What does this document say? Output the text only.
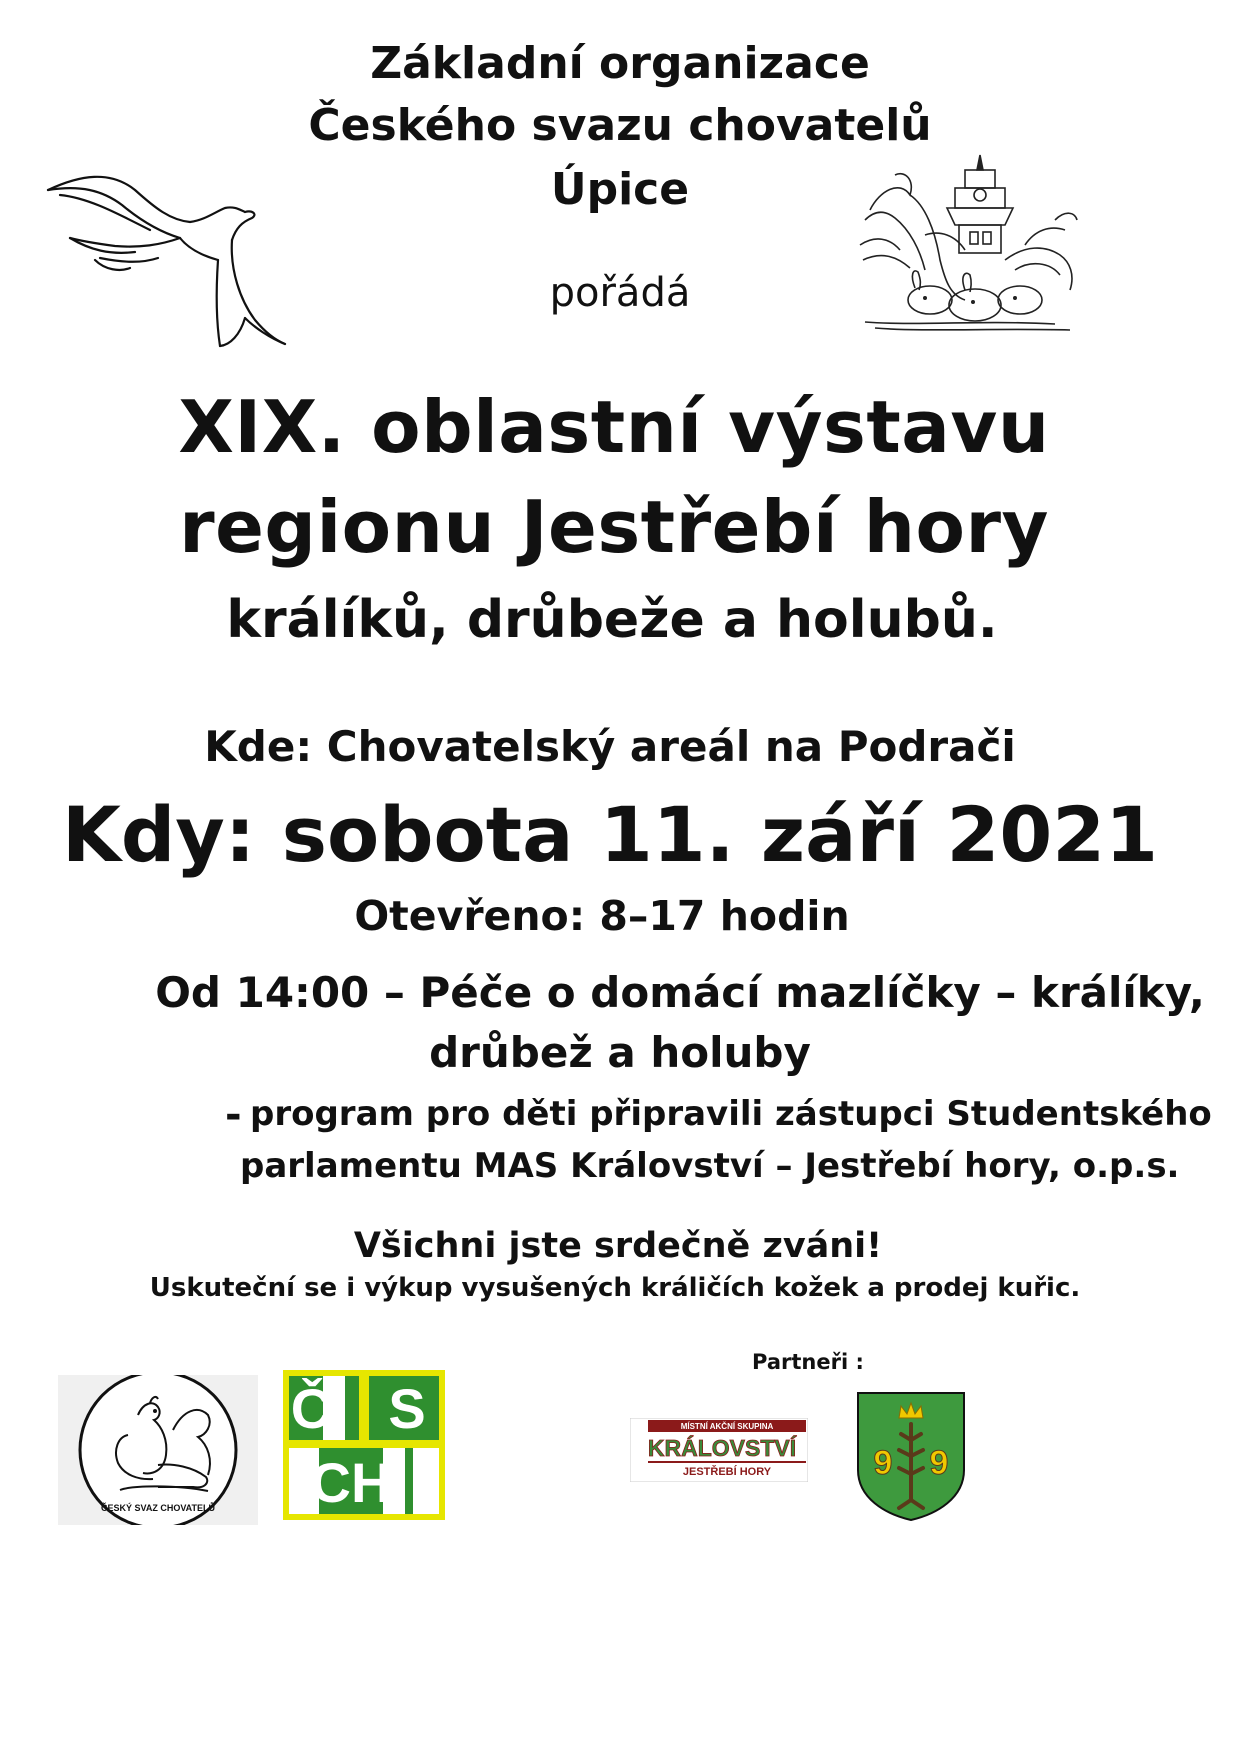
Základní organizace
Českého svazu chovatelů
Úpice
pořádá
XIX. oblastní výstavu
regionu Jestřebí hory
králíků, drůbeže a holubů.
Kde: Chovatelský areál na Podrači
Kdy: sobota 11. září 2021
Otevřeno: 8–17 hodin
Od 14:00 – Péče o domácí mazlíčky – králíky,
drůbež a holuby
- program pro děti připravili zástupci Studentského
parlamentu MAS Království – Jestřebí hory, o.p.s.
Všichni jste srdečně zváni!
Uskuteční se i výkup vysušených králičích kožek a prodej kuřic.
Partneři :
ČESKÝ SVAZ CHOVATELŮ
Č S
CH
MÍSTNÍ AKČNÍ SKUPINA
KRÁLOVSTVÍ
JESTŘEBÍ HORY	9 9
